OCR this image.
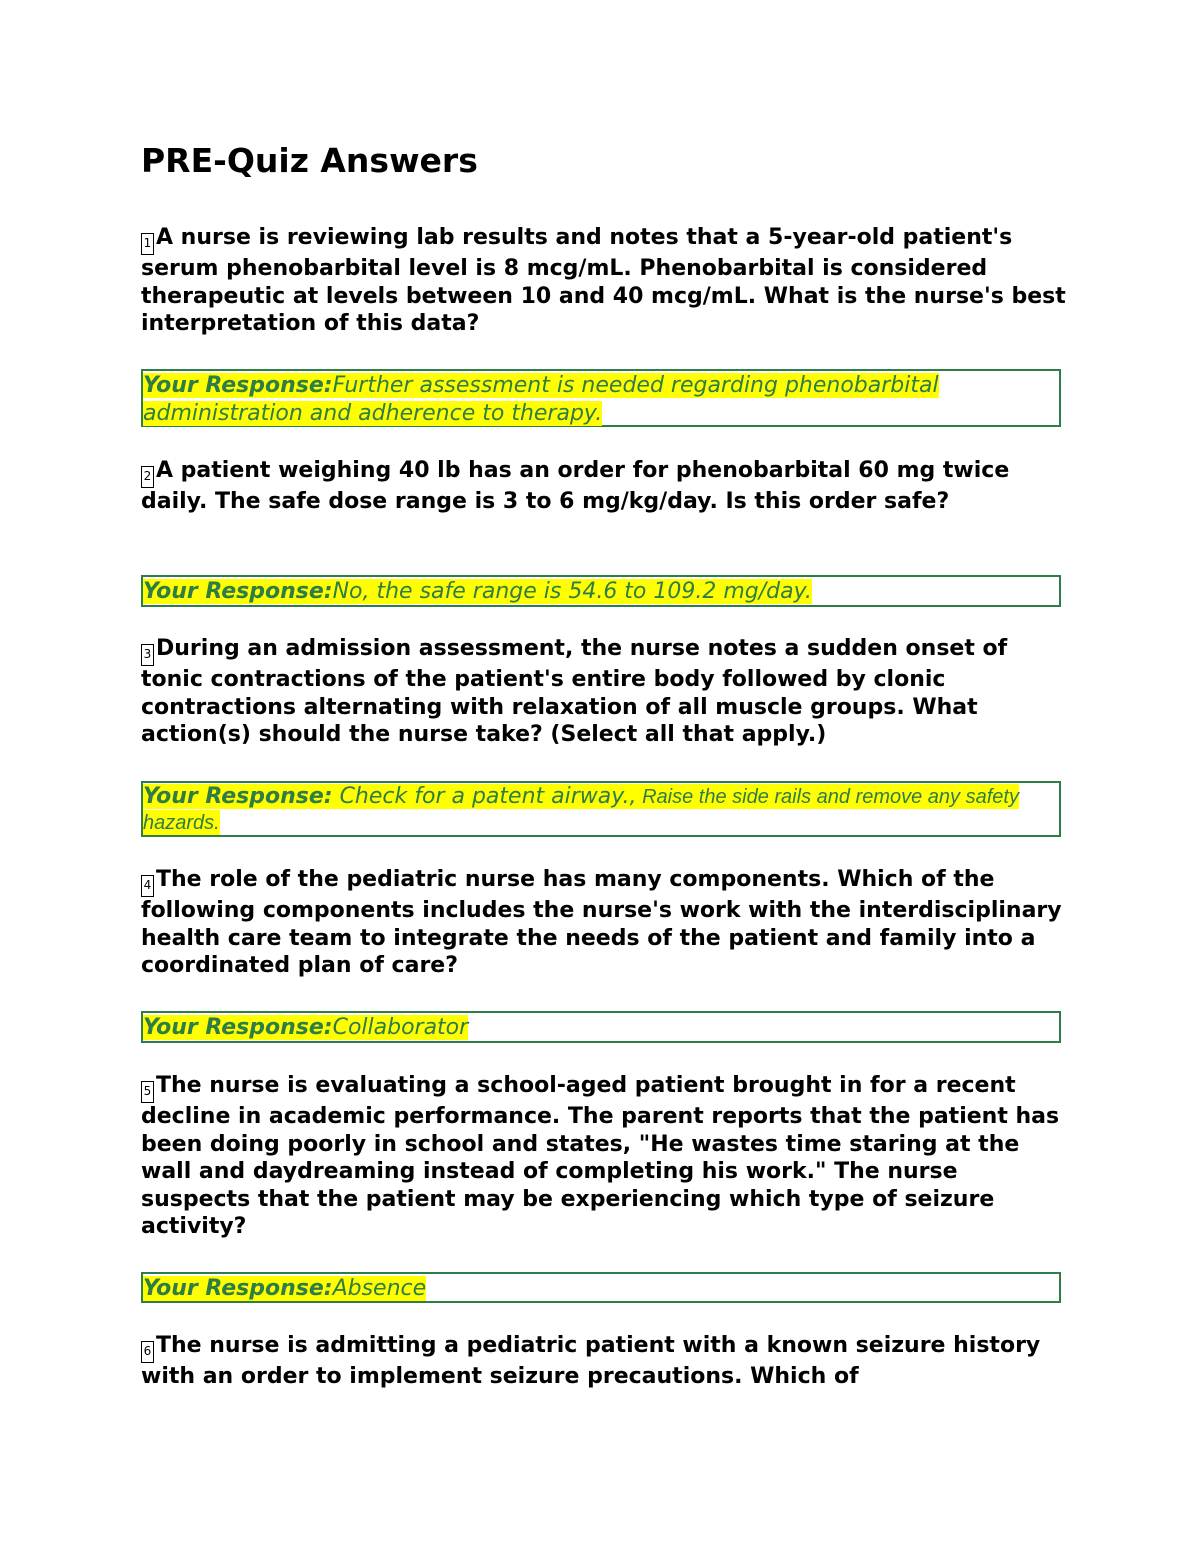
PRE-Quiz Answers

1 A nurse is reviewing lab results and notes that a 5-year-old patient's serum phenobarbital level is 8 mcg/mL. Phenobarbital is considered therapeutic at levels between 10 and 40 mcg/mL. What is the nurse's best interpretation of this data?

Your Response:Further assessment is needed regarding phenobarbital administration and adherence to therapy.

2 A patient weighing 40 lb has an order for phenobarbital 60 mg twice daily. The safe dose range is 3 to 6 mg/kg/day. Is this order safe?

Your Response:No, the safe range is 54.6 to 109.2 mg/day.

3 During an admission assessment, the nurse notes a sudden onset of tonic contractions of the patient's entire body followed by clonic contractions alternating with relaxation of all muscle groups. What action(s) should the nurse take? (Select all that apply.)

Your Response: Check for a patent airway., Raise the side rails and remove any safety hazards.

4 The role of the pediatric nurse has many components. Which of the following components includes the nurse's work with the interdisciplinary health care team to integrate the needs of the patient and family into a coordinated plan of care?

Your Response:Collaborator

5 The nurse is evaluating a school-aged patient brought in for a recent decline in academic performance. The parent reports that the patient has been doing poorly in school and states, "He wastes time staring at the wall and daydreaming instead of completing his work." The nurse suspects that the patient may be experiencing which type of seizure activity?

Your Response:Absence

6 The nurse is admitting a pediatric patient with a known seizure history with an order to implement seizure precautions. Which of
